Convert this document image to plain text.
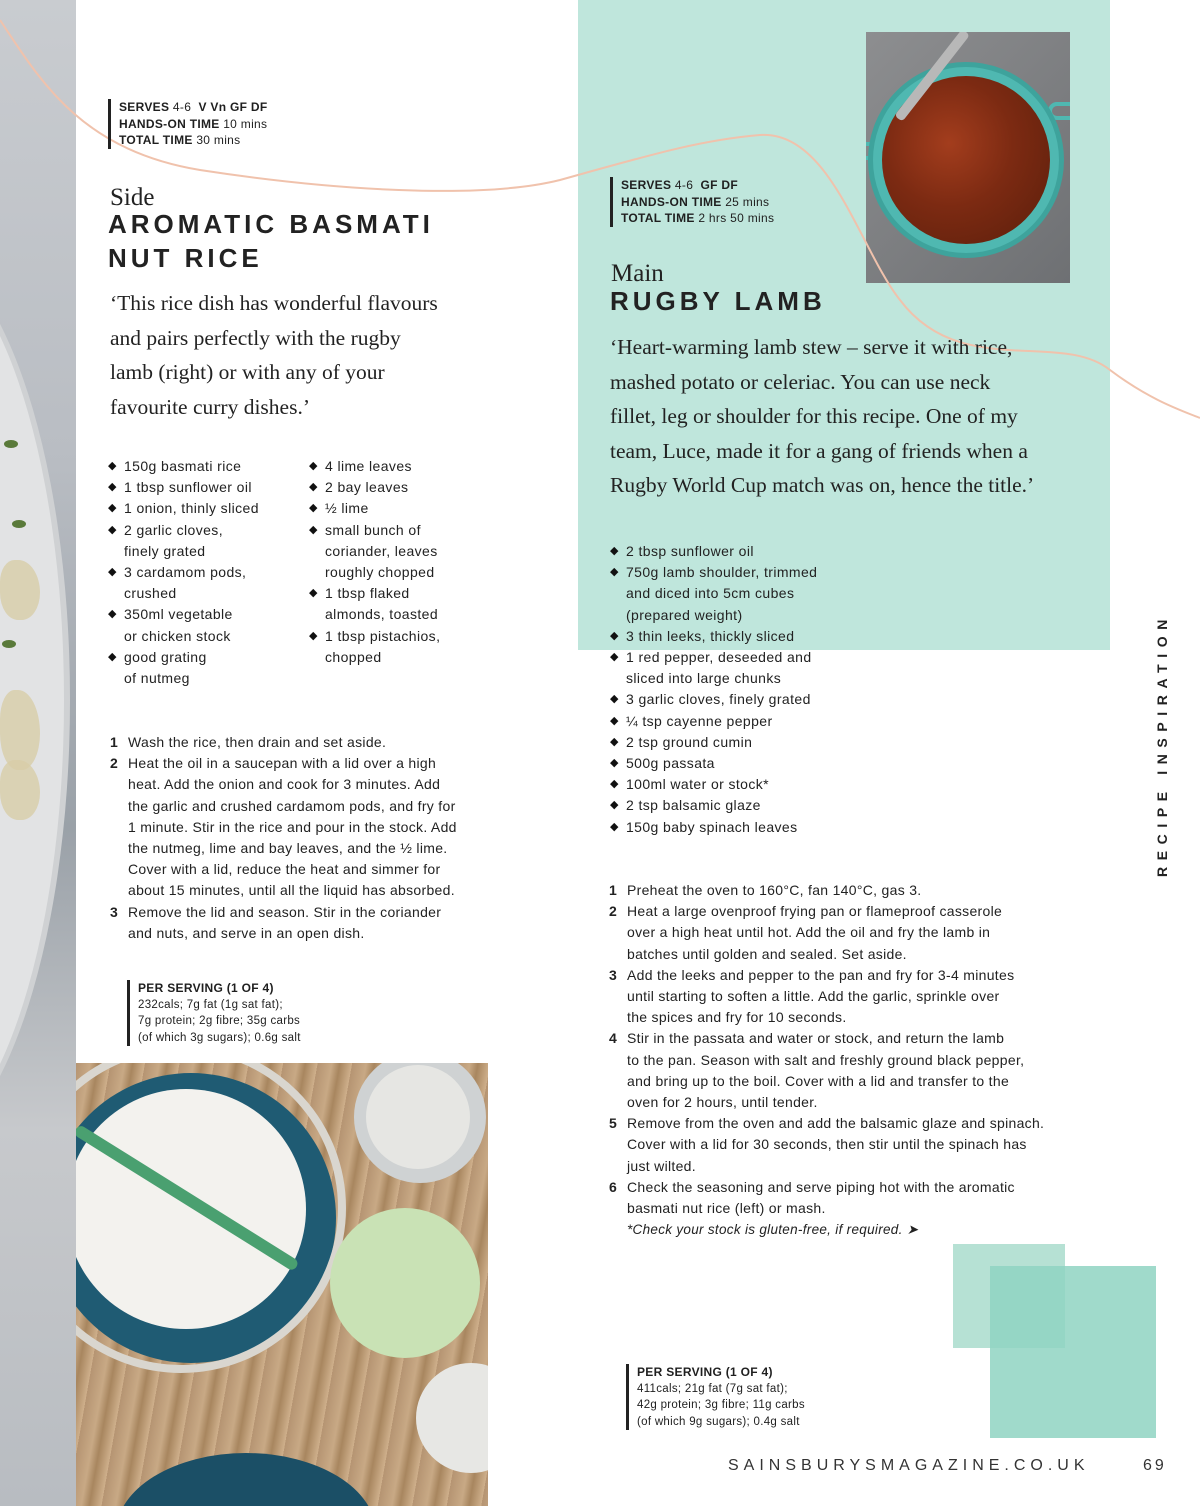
SERVES 4-6 V Vn GF DF
HANDS-ON TIME 10 mins
TOTAL TIME 30 mins
Side
AROMATIC BASMATI
NUT RICE
‘This rice dish has wonderful flavours
and pairs perfectly with the rugby
lamb (right) or with any of your
favourite curry dishes.’
◆ 150g basmati rice
◆ 1 tbsp sunflower oil
◆ 1 onion, thinly sliced
◆ 2 garlic cloves,
finely grated
◆ 3 cardamom pods,
crushed
◆ 350ml vegetable
or chicken stock
◆ good grating
of nutmeg
◆ 4 lime leaves
◆ 2 bay leaves
◆ ½ lime
◆ small bunch of
coriander, leaves
roughly chopped
◆ 1 tbsp flaked
almonds, toasted
◆ 1 tbsp pistachios,
chopped
1 Wash the rice, then drain and set aside.
2 Heat the oil in a saucepan with a lid over a high
heat. Add the onion and cook for 3 minutes. Add
the garlic and crushed cardamom pods, and fry for
1 minute. Stir in the rice and pour in the stock. Add
the nutmeg, lime and bay leaves, and the ½ lime.
Cover with a lid, reduce the heat and simmer for
about 15 minutes, until all the liquid has absorbed.
3 Remove the lid and season. Stir in the coriander
and nuts, and serve in an open dish.
PER SERVING (1 OF 4)
232cals; 7g fat (1g sat fat);
7g protein; 2g fibre; 35g carbs
(of which 3g sugars); 0.6g salt
SERVES 4-6 GF DF
HANDS-ON TIME 25 mins
TOTAL TIME 2 hrs 50 mins
Main
RUGBY LAMB
‘Heart-warming lamb stew – serve it with rice,
mashed potato or celeriac. You can use neck
fillet, leg or shoulder for this recipe. One of my
team, Luce, made it for a gang of friends when a
Rugby World Cup match was on, hence the title.’
◆ 2 tbsp sunflower oil
◆ 750g lamb shoulder, trimmed
and diced into 5cm cubes
(prepared weight)
◆ 3 thin leeks, thickly sliced
◆ 1 red pepper, deseeded and
sliced into large chunks
◆ 3 garlic cloves, finely grated
◆ ¼ tsp cayenne pepper
◆ 2 tsp ground cumin
◆ 500g passata
◆ 100ml water or stock*
◆ 2 tsp balsamic glaze
◆ 150g baby spinach leaves
1 Preheat the oven to 160°C, fan 140°C, gas 3.
2 Heat a large ovenproof frying pan or flameproof casserole
over a high heat until hot. Add the oil and fry the lamb in
batches until golden and sealed. Set aside.
3 Add the leeks and pepper to the pan and fry for 3-4 minutes
until starting to soften a little. Add the garlic, sprinkle over
the spices and fry for 10 seconds.
4 Stir in the passata and water or stock, and return the lamb
to the pan. Season with salt and freshly ground black pepper,
and bring up to the boil. Cover with a lid and transfer to the
oven for 2 hours, until tender.
5 Remove from the oven and add the balsamic glaze and spinach.
Cover with a lid for 30 seconds, then stir until the spinach has
just wilted.
6 Check the seasoning and serve piping hot with the aromatic
basmati nut rice (left) or mash.
*Check your stock is gluten-free, if required. ➤
PER SERVING (1 OF 4)
411cals; 21g fat (7g sat fat);
42g protein; 3g fibre; 11g carbs
(of which 9g sugars); 0.4g salt
RECIPE INSPIRATION
SAINSBURYSMAGAZINE.CO.UK	69
